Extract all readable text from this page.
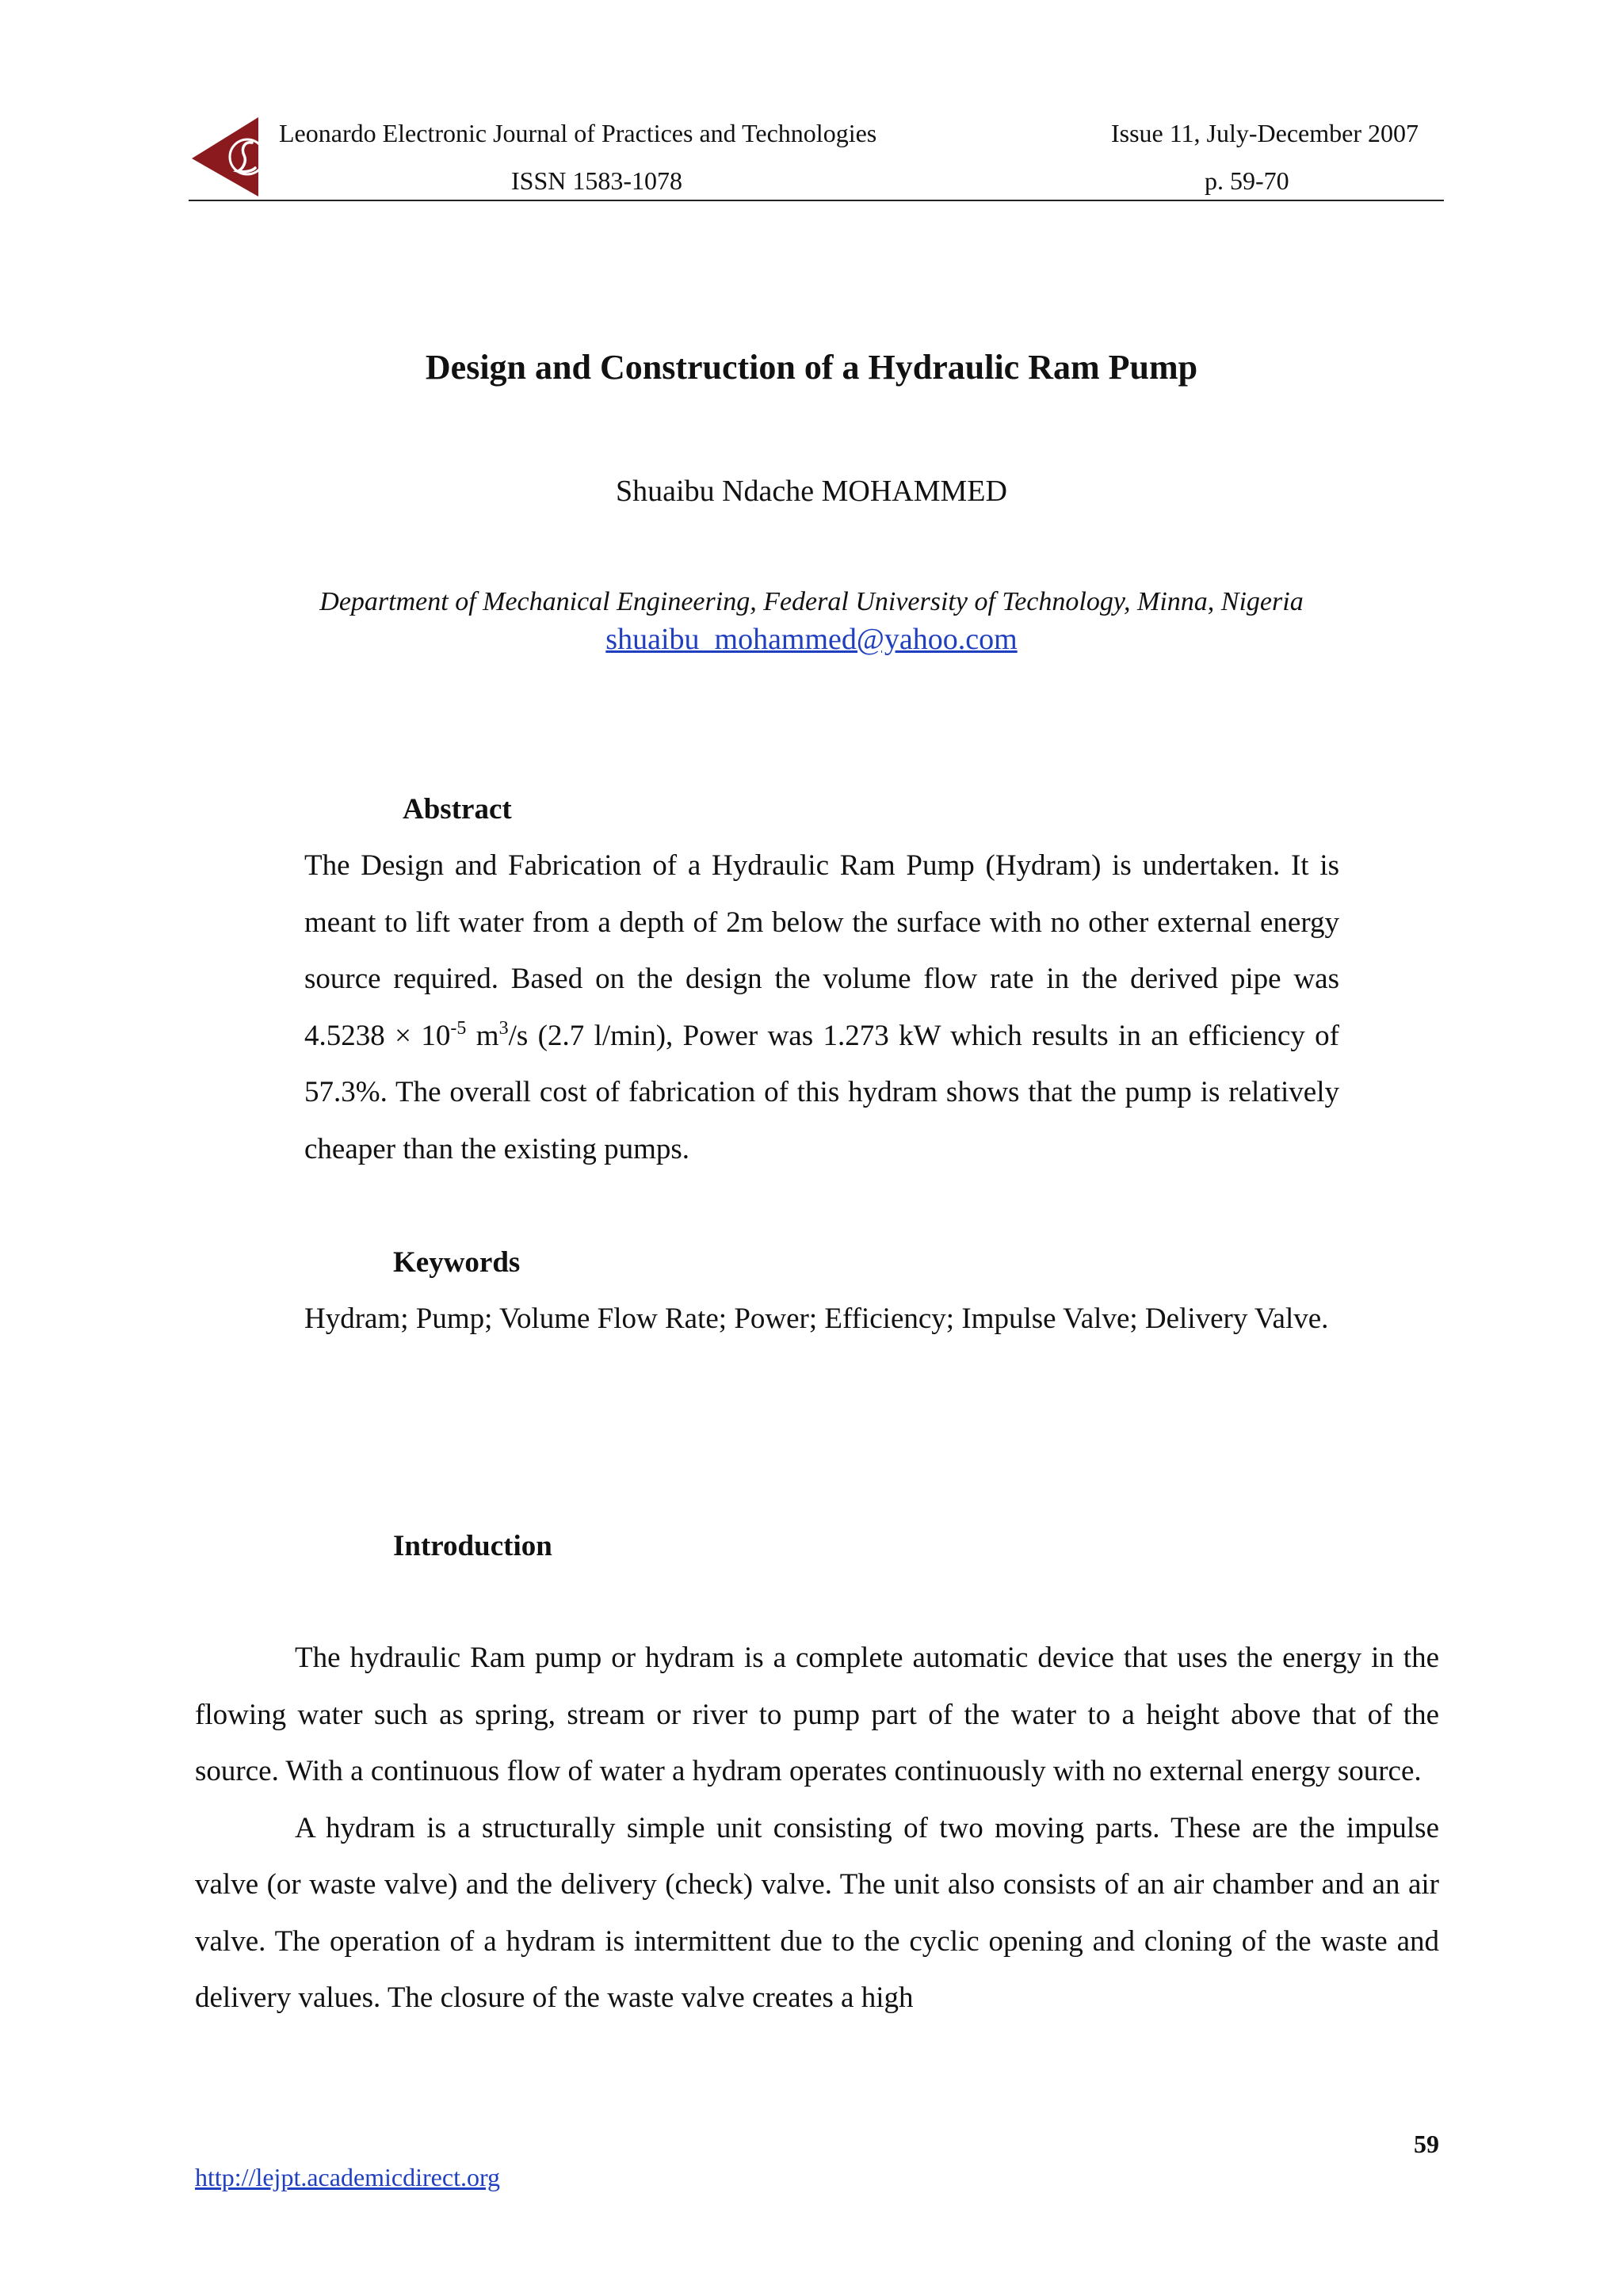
Leonardo Electronic Journal of Practices and Technologies	Issue 11, July-December 2007
ISSN 1583-1078	p. 59-70
Design and Construction of a Hydraulic Ram Pump
Shuaibu Ndache MOHAMMED
Department of Mechanical Engineering, Federal University of Technology, Minna, Nigeria
shuaibu_mohammed@yahoo.com
Abstract
The Design and Fabrication of a Hydraulic Ram Pump (Hydram) is undertaken. It is meant to lift water from a depth of 2m below the surface with no other external energy source required. Based on the design the volume flow rate in the derived pipe was $4.5238 \times 10^{-5}$ $m^3/s$ (2.7 l/min), Power was 1.273 kW which results in an efficiency of 57.3%. The overall cost of fabrication of this hydram shows that the pump is relatively cheaper than the existing pumps.
Keywords
Hydram; Pump; Volume Flow Rate; Power; Efficiency; Impulse Valve; Delivery Valve.
Introduction

The hydraulic Ram pump or hydram is a complete automatic device that uses the energy in the flowing water such as spring, stream or river to pump part of the water to a height above that of the source. With a continuous flow of water a hydram operates continuously with no external energy source.

A hydram is a structurally simple unit consisting of two moving parts. These are the impulse valve (or waste valve) and the delivery (check) valve. The unit also consists of an air chamber and an air valve. The operation of a hydram is intermittent due to the cyclic opening and cloning of the waste and delivery values. The closure of the waste valve creates a high

59
http://lejpt.academicdirect.org
